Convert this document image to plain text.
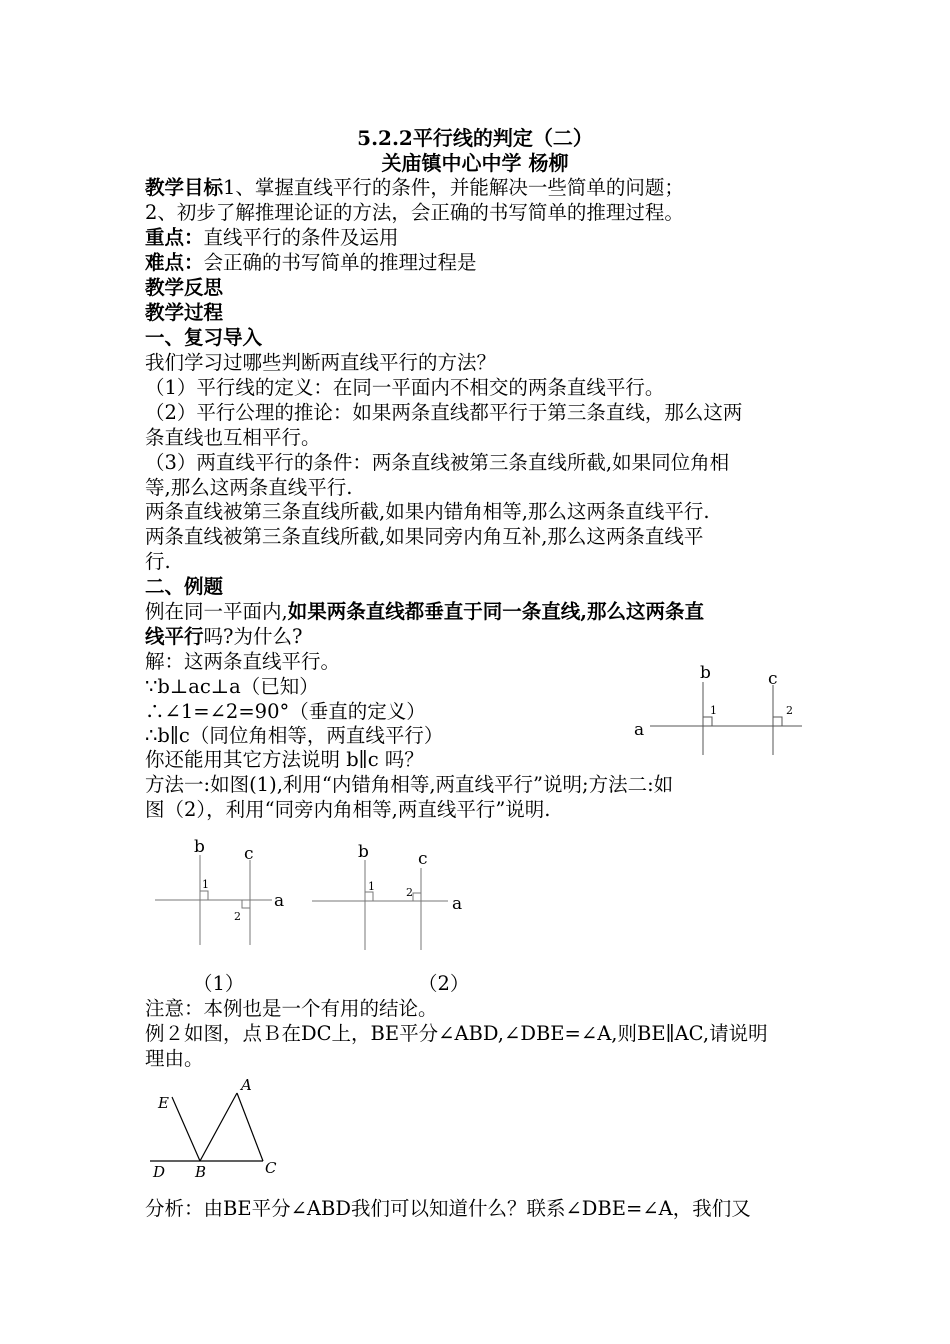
5.2.2平行线的判定（二）
关庙镇中心中学 杨柳
教学目标1、掌握直线平行的条件，并能解决一些简单的问题；
2、初步了解推理论证的方法，会正确的书写简单的推理过程。
重点：直线平行的条件及运用
难点：会正确的书写简单的推理过程是
教学反思
教学过程
一、复习导入
我们学习过哪些判断两直线平行的方法？
（1）平行线的定义：在同一平面内不相交的两条直线平行。
（2）平行公理的推论：如果两条直线都平行于第三条直线，那么这两
条直线也互相平行。
（3）两直线平行的条件：两条直线被第三条直线所截,如果同位角相
等,那么这两条直线平行.
两条直线被第三条直线所截,如果内错角相等,那么这两条直线平行.
两条直线被第三条直线所截,如果同旁内角互补,那么这两条直线平
行.
二、例题
例在同一平面内,如果两条直线都垂直于同一条直线,那么这两条直
线平行吗?为什么?
解：这两条直线平行。
∵b⊥ac⊥a（已知）
∴∠1=∠2=90°（垂直的定义）
∴b∥c（同位角相等，两直线平行）
你还能用其它方法说明 b∥c 吗？
方法一:如图(1),利用“内错角相等,两直线平行”说明;方法二:如
图（2），利用“同旁内角相等,两直线平行”说明.
b	c
a
1	2
b c
a
1
2
b	c
a
1	2
（1）	（2）
注意：本例也是一个有用的结论。
例２如图，点Ｂ在DC上，BE平分∠ABD,∠DBE=∠A,则BE∥AC,请说明
理由。
E
A
D B	C
分析：由BE平分∠ABD我们可以知道什么？联系∠DBE=∠A，我们又
